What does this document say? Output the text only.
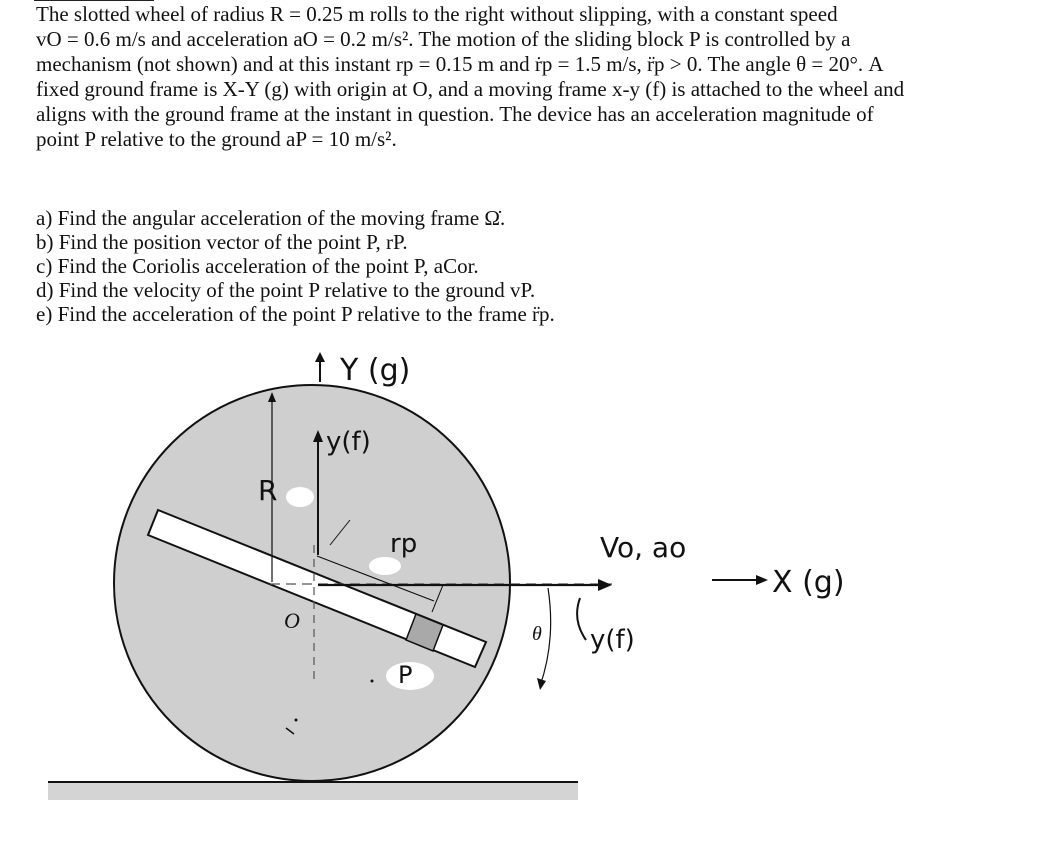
The slotted wheel of radius R = 0.25 m rolls to the right without slipping, with a constant speed

vO = 0.6 m/s and acceleration aO = 0.2 m/s². The motion of the sliding block P is controlled by a

mechanism (not shown) and at this instant rp = 0.15 m and ṙp = 1.5 m/s, r̈p > 0. The angle θ = 20°. A

fixed ground frame is X-Y (g) with origin at O, and a moving frame x-y (f) is attached to the wheel and

aligns with the ground frame at the instant in question. The device has an acceleration magnitude of

point P relative to the ground aP = 10 m/s².

a) Find the angular acceleration of the moving frame Ω̇.

b) Find the position vector of the point P, rP.

c) Find the Coriolis acceleration of the point P, aCor.

d) Find the velocity of the point P relative to the ground vP.

e) Find the acceleration of the point P relative to the frame r̈p.

Y (g)
y(f)
R
rp	Vo, ao
X (g)
y(f)
θ
O
P
